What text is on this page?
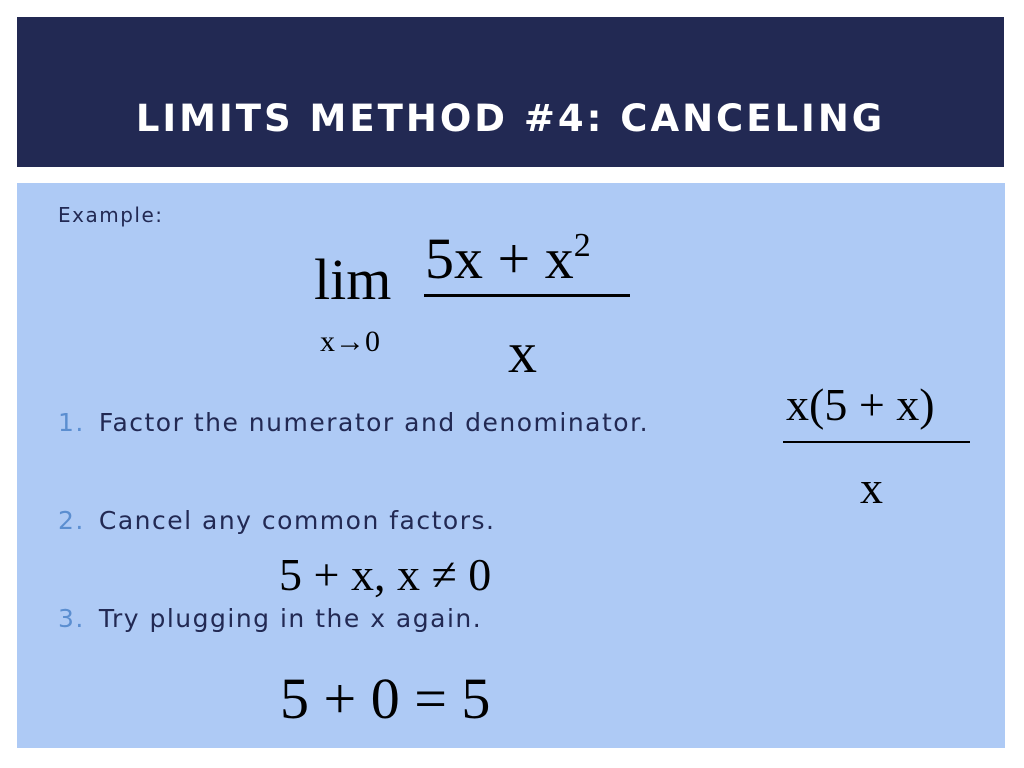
LIMITS METHOD #4: CANCELING
Example:
lim
x→0
$5x + x^2$
x
1. Factor the numerator and denominator.	x(5 + x)
x
2. Cancel any common factors.
5 + x, x ≠ 0
3. Try plugging in the x again.
5 + 0 = 5
